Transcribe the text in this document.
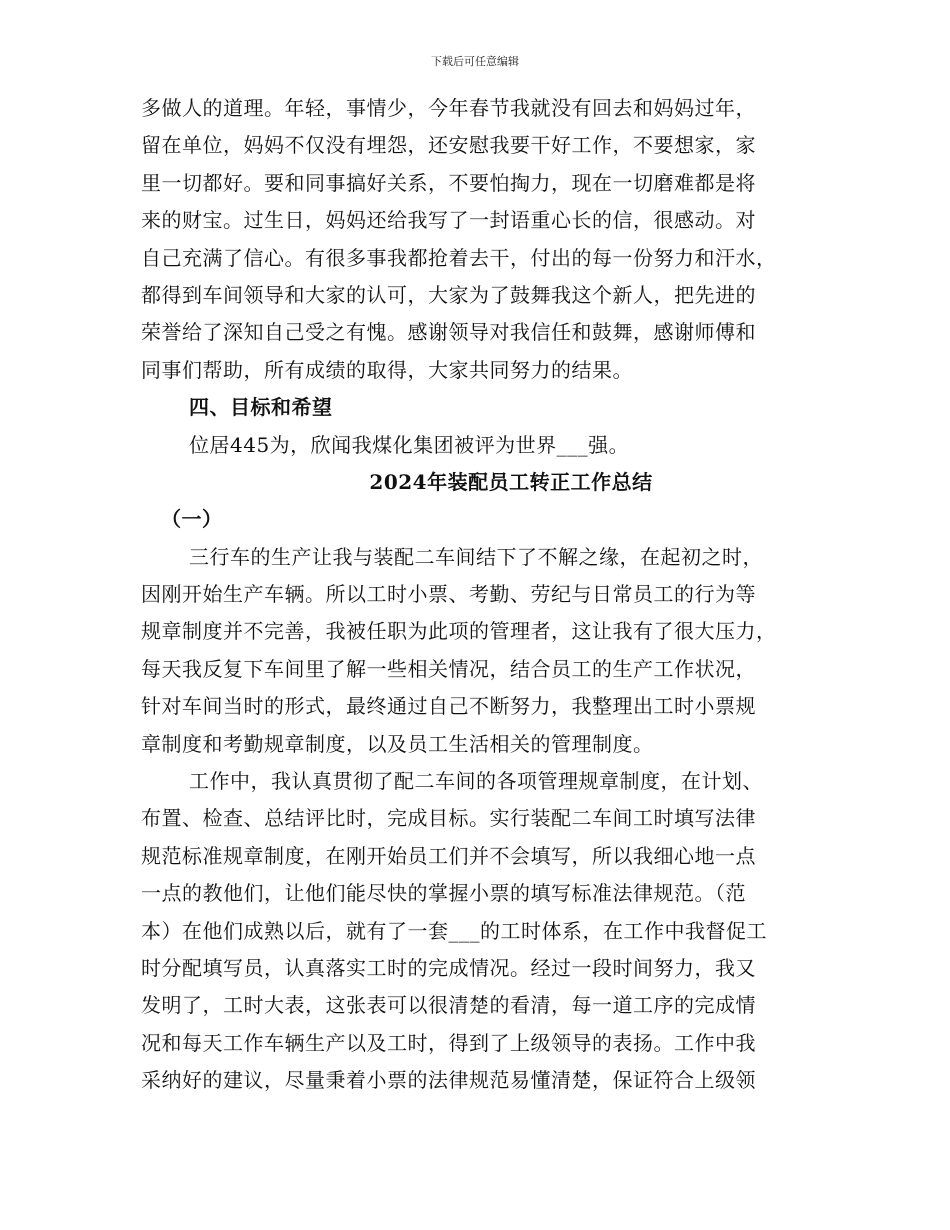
下载后可任意编辑
多做人的道理。年轻，事情少，今年春节我就没有回去和妈妈过年，
留在单位，妈妈不仅没有埋怨，还安慰我要干好工作，不要想家，家
里一切都好。要和同事搞好关系，不要怕掏力，现在一切磨难都是将
来的财宝。过生日，妈妈还给我写了一封语重心长的信，很感动。对
自己充满了信心。有很多事我都抢着去干，付出的每一份努力和汗水，
都得到车间领导和大家的认可，大家为了鼓舞我这个新人，把先进的
荣誉给了深知自己受之有愧。感谢领导对我信任和鼓舞，感谢师傅和
同事们帮助，所有成绩的取得，大家共同努力的结果。
四、目标和希望
位居445为，欣闻我煤化集团被评为世界___强。
2024年装配员工转正工作总结
（一）
三行车的生产让我与装配二车间结下了不解之缘，在起初之时，
因刚开始生产车辆。所以工时小票、考勤、劳纪与日常员工的行为等
规章制度并不完善，我被任职为此项的管理者，这让我有了很大压力，
每天我反复下车间里了解一些相关情况，结合员工的生产工作状况，
针对车间当时的形式，最终通过自己不断努力，我整理出工时小票规
章制度和考勤规章制度，以及员工生活相关的管理制度。
工作中，我认真贯彻了配二车间的各项管理规章制度，在计划、
布置、检查、总结评比时，完成目标。实行装配二车间工时填写法律
规范标准规章制度，在刚开始员工们并不会填写，所以我细心地一点
一点的教他们，让他们能尽快的掌握小票的填写标准法律规范。（范
本）在他们成熟以后，就有了一套___的工时体系，在工作中我督促工
时分配填写员，认真落实工时的完成情况。经过一段时间努力，我又
发明了，工时大表，这张表可以很清楚的看清，每一道工序的完成情
况和每天工作车辆生产以及工时，得到了上级领导的表扬。工作中我
采纳好的建议，尽量秉着小票的法律规范易懂清楚，保证符合上级领
